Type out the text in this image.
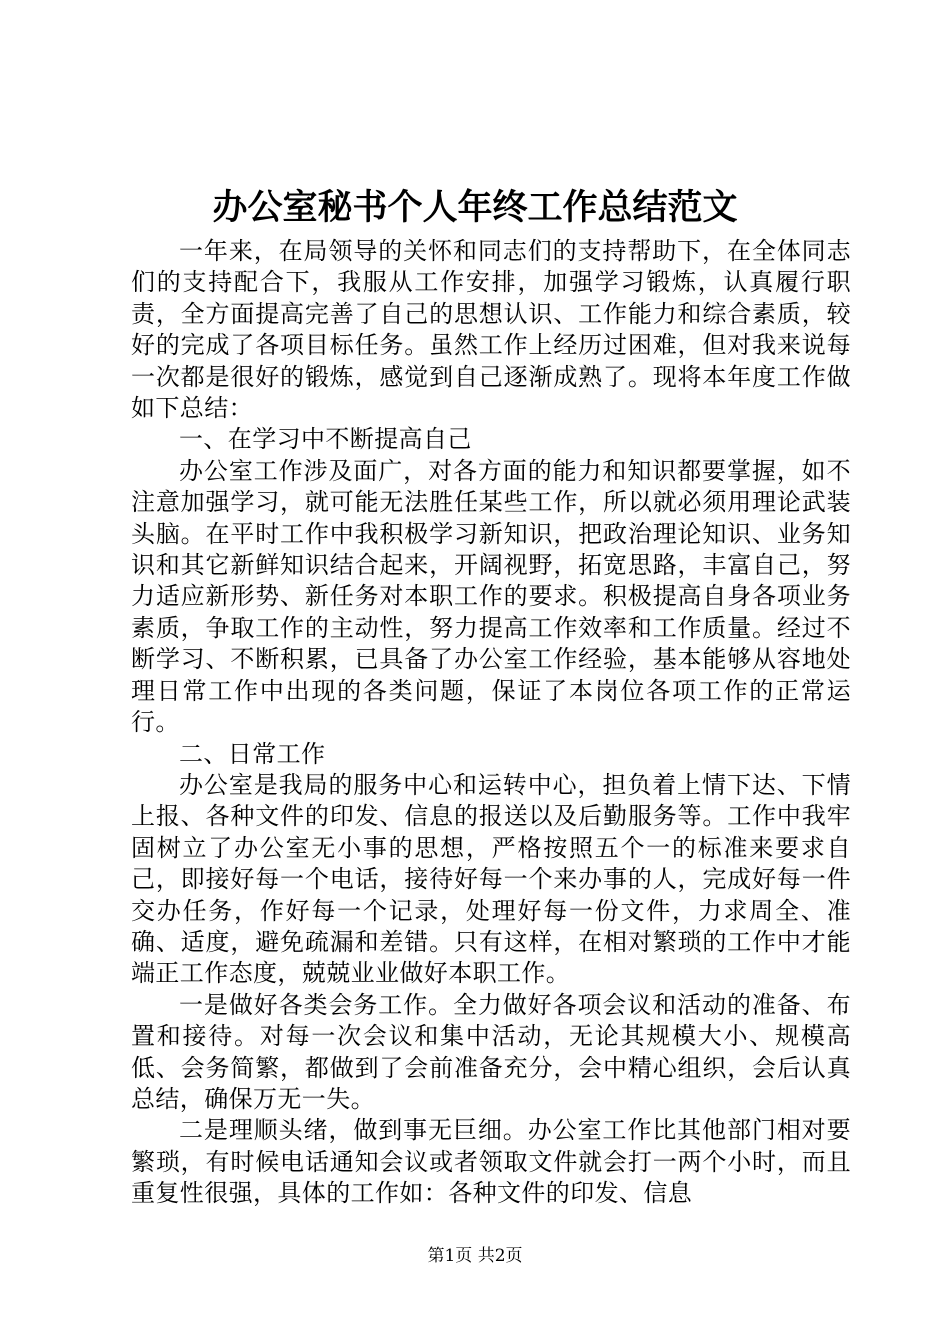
办公室秘书个人年终工作总结范文

一年来，在局领导的关怀和同志们的支持帮助下，在全体同志们的支持配合下，我服从工作安排，加强学习锻炼，认真履行职责，全方面提高完善了自己的思想认识、工作能力和综合素质，较好的完成了各项目标任务。虽然工作上经历过困难，但对我来说每一次都是很好的锻炼，感觉到自己逐渐成熟了。现将本年度工作做如下总结：

一、在学习中不断提高自己

办公室工作涉及面广，对各方面的能力和知识都要掌握，如不注意加强学习，就可能无法胜任某些工作，所以就必须用理论武装头脑。在平时工作中我积极学习新知识，把政治理论知识、业务知识和其它新鲜知识结合起来，开阔视野，拓宽思路，丰富自己，努力适应新形势、新任务对本职工作的要求。积极提高自身各项业务素质，争取工作的主动性，努力提高工作效率和工作质量。经过不断学习、不断积累，已具备了办公室工作经验，基本能够从容地处理日常工作中出现的各类问题，保证了本岗位各项工作的正常运行。

二、日常工作

办公室是我局的服务中心和运转中心，担负着上情下达、下情上报、各种文件的印发、信息的报送以及后勤服务等。工作中我牢固树立了办公室无小事的思想，严格按照五个一的标准来要求自己，即接好每一个电话，接待好每一个来办事的人，完成好每一件交办任务，作好每一个记录，处理好每一份文件，力求周全、准确、适度，避免疏漏和差错。只有这样，在相对繁琐的工作中才能端正工作态度，兢兢业业做好本职工作。

一是做好各类会务工作。全力做好各项会议和活动的准备、布置和接待。对每一次会议和集中活动，无论其规模大小、规模高低、会务简繁，都做到了会前准备充分，会中精心组织，会后认真总结，确保万无一失。

二是理顺头绪，做到事无巨细。办公室工作比其他部门相对要繁琐，有时候电话通知会议或者领取文件就会打一两个小时，而且重复性很强，具体的工作如：各种文件的印发、信息

第1页 共2页
